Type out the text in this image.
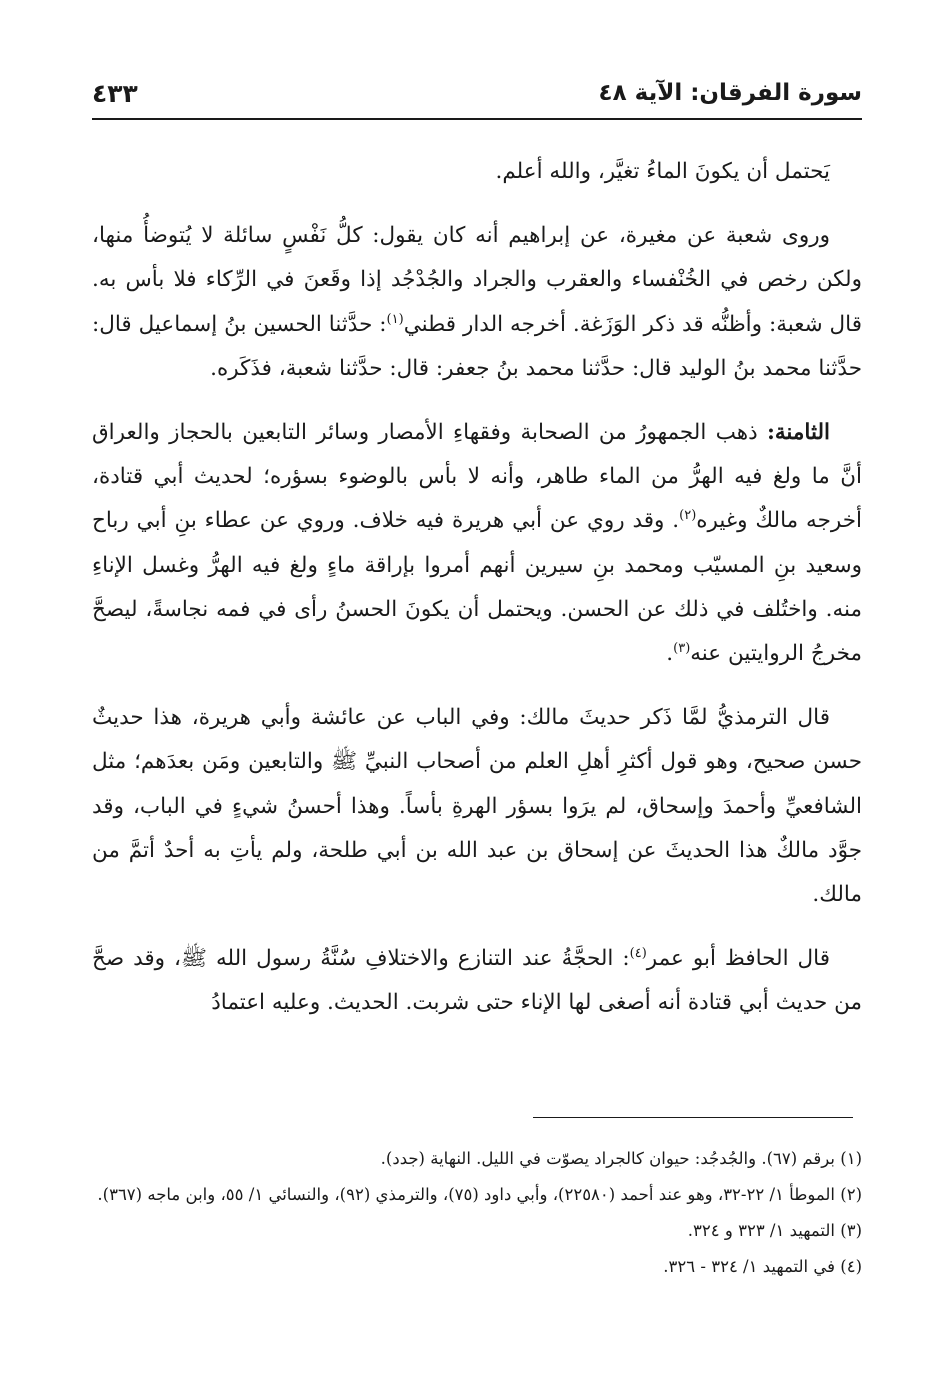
سورة الفرقان: الآية ٤٨
٤٣٣

يَحتمل أن يكونَ الماءُ تغيَّر، والله أعلم.

وروى شعبة عن مغيرة، عن إبراهيم أنه كان يقول: كلُّ نَفْسٍ سائلة لا يُتوضأُ منها، ولكن رخص في الخُنْفساء والعقرب والجراد والجُدْجُد إذا وقَعنَ في الرِّكاء فلا بأس به. قال شعبة: وأظنُّه قد ذكر الوَزَغة. أخرجه الدار قطني$^{(١)}$: حدَّثنا الحسين بنُ إسماعيل قال: حدَّثنا محمد بنُ الوليد قال: حدَّثنا محمد بنُ جعفر: قال: حدَّثنا شعبة، فذَكَره.

الثامنة: ذهب الجمهورُ من الصحابة وفقهاءِ الأمصار وسائر التابعين بالحجاز والعراق أنَّ ما ولغ فيه الهرُّ من الماء طاهر، وأنه لا بأس بالوضوء بسؤره؛ لحديث أبي قتادة، أخرجه مالكٌ وغيره$^{(٢)}$. وقد روي عن أبي هريرة فيه خلاف. وروي عن عطاء بنِ أبي رباح وسعيد بنِ المسيّب ومحمد بنِ سيرين أنهم أمروا بإراقة ماءٍ ولغ فيه الهرُّ وغسل الإناءِ منه. واختُلف في ذلك عن الحسن. ويحتمل أن يكونَ الحسنُ رأى في فمه نجاسةً، ليصحَّ مخرجُ الروايتين عنه$^{(٣)}$.

قال الترمذيُّ لمَّا ذَكر حديثَ مالك: وفي الباب عن عائشة وأبي هريرة، هذا حديثٌ حسن صحيح، وهو قول أكثرِ أهلِ العلم من أصحاب النبيِّ ﷺ والتابعين ومَن بعدَهم؛ مثل الشافعيِّ وأحمدَ وإسحاق، لم يرَوا بسؤر الهرةِ بأساً. وهذا أحسنُ شيءٍ في الباب، وقد جوَّد مالكٌ هذا الحديثَ عن إسحاق بن عبد الله بن أبي طلحة، ولم يأتِ به أحدٌ أتمَّ من مالك.

قال الحافظ أبو عمر$^{(٤)}$: الحجَّةُ عند التنازع والاختلافِ سُنَّةُ رسول الله ﷺ، وقد صحَّ من حديث أبي قتادة أنه أصغى لها الإناء حتى شربت. الحديث. وعليه اعتمادُ

(١) برقم (٦٧). والجُدجُد: حيوان كالجراد يصوّت في الليل. النهاية (جدد).

(٢) الموطأ ١/ ٢٢-٣٢، وهو عند أحمد (٢٢٥٨٠)، وأبي داود (٧٥)، والترمذي (٩٢)، والنسائي ١/ ٥٥، وابن ماجه (٣٦٧).

(٣) التمهيد ١/ ٣٢٣ و ٣٢٤.

(٤) في التمهيد ١/ ٣٢٤ - ٣٢٦.
